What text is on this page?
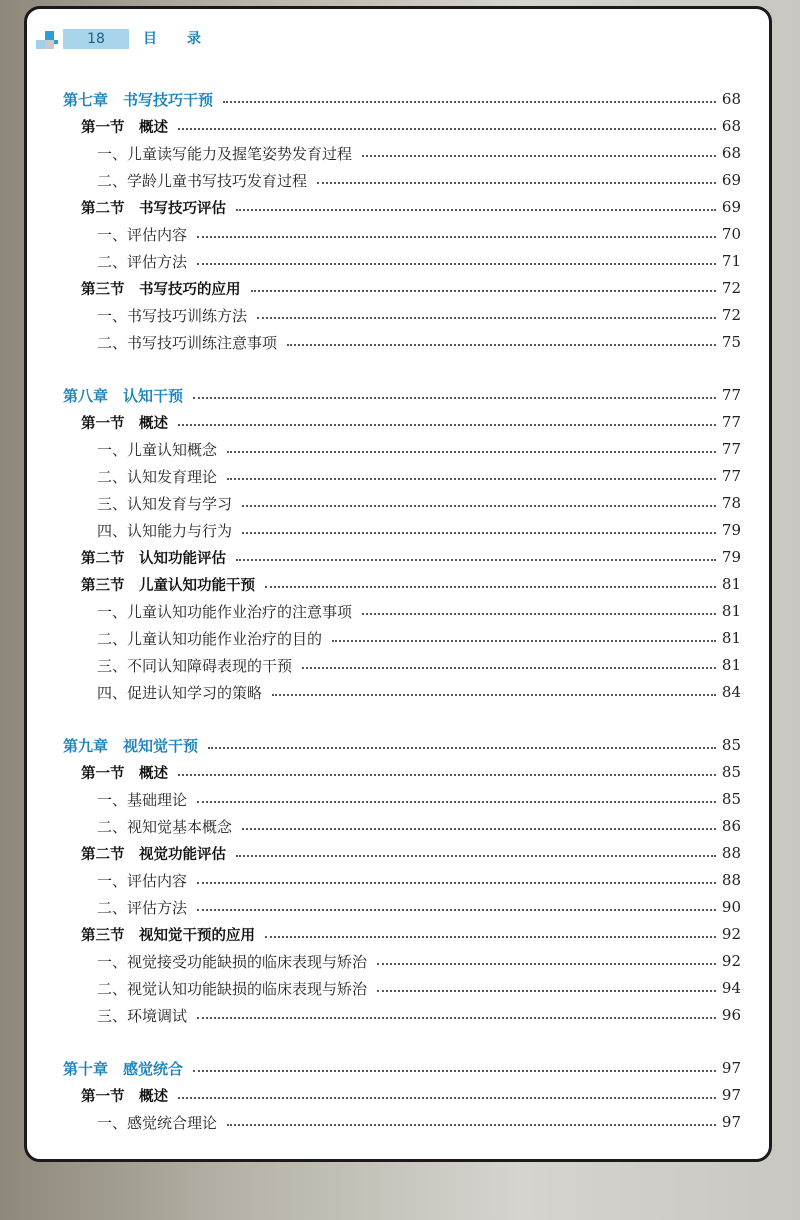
18	目录
第七章　书写技巧干预	68
第一节　概述	68
一、儿童读写能力及握笔姿势发育过程	68
二、学龄儿童书写技巧发育过程	69
第二节　书写技巧评估	69
一、评估内容	70
二、评估方法	71
第三节　书写技巧的应用	72
一、书写技巧训练方法	72
二、书写技巧训练注意事项	75
第八章　认知干预	77
第一节　概述	77
一、儿童认知概念	77
二、认知发育理论	77
三、认知发育与学习	78
四、认知能力与行为	79
第二节　认知功能评估	79
第三节　儿童认知功能干预	81
一、儿童认知功能作业治疗的注意事项	81
二、儿童认知功能作业治疗的目的	81
三、不同认知障碍表现的干预	81
四、促进认知学习的策略	84
第九章　视知觉干预	85
第一节　概述	85
一、基础理论	85
二、视知觉基本概念	86
第二节　视觉功能评估	88
一、评估内容	88
二、评估方法	90
第三节　视知觉干预的应用	92
一、视觉接受功能缺损的临床表现与矫治	92
二、视觉认知功能缺损的临床表现与矫治	94
三、环境调试	96
第十章　感觉统合	97
第一节　概述	97
一、感觉统合理论	97
